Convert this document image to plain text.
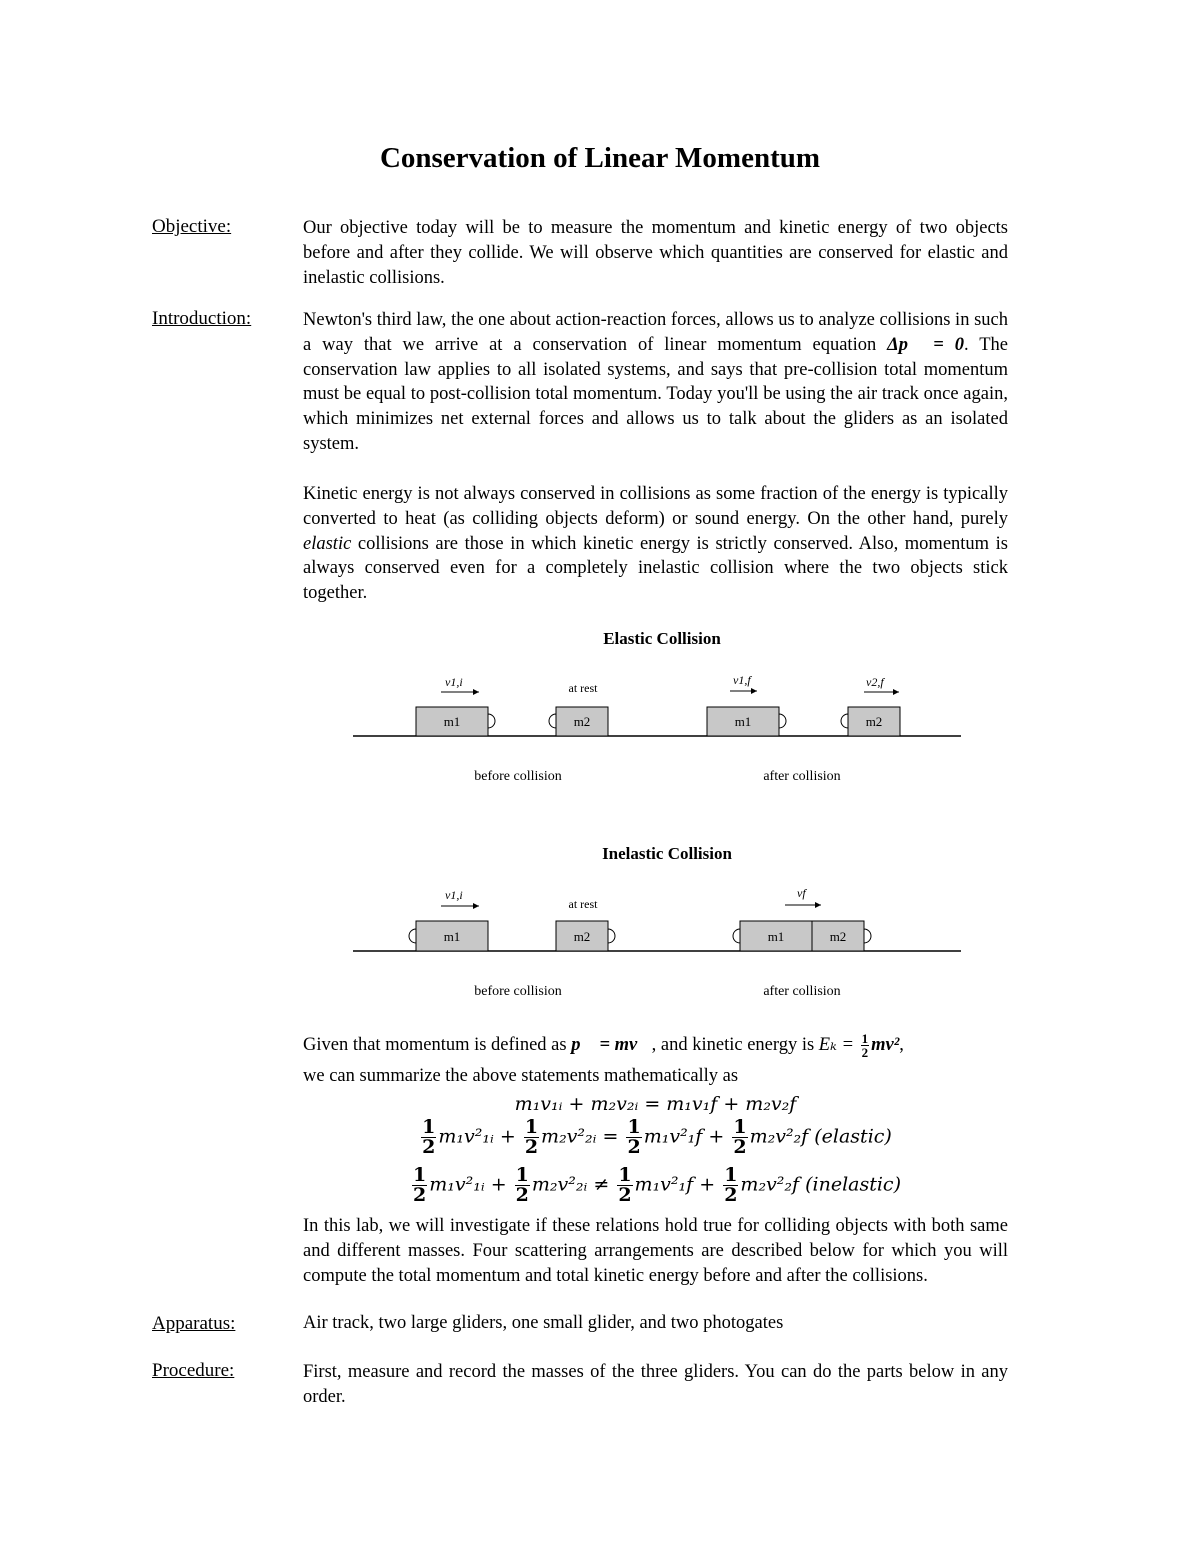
Conservation of Linear Momentum
Objective:	Our objective today will be to measure the momentum and kinetic energy of two objects before and after they collide. We will observe which quantities are conserved for elastic and inelastic collisions.
Introduction:	Newton's third law, the one about action-reaction forces, allows us to analyze collisions in such a way that we arrive at a conservation of linear momentum equation Δp⃗ = 0. The conservation law applies to all isolated systems, and says that pre-collision total momentum must be equal to post-collision total momentum. Today you'll be using the air track once again, which minimizes net external forces and allows us to talk about the gliders as an isolated system.
Kinetic energy is not always conserved in collisions as some fraction of the energy is typically converted to heat (as colliding objects deform) or sound energy. On the other hand, purely elastic collisions are those in which kinetic energy is strictly conserved. Also, momentum is always conserved even for a completely inelastic collision where the two objects stick together.
Elastic Collision
v1,i
m1
at rest
m2
before collision
v1,f
m1
v2,f
m2
after collision
Inelastic Collision
v1,i
m1
at rest
m2
before collision
vf
m1	m2
after collision
Given that momentum is defined as p⃗ = mv⃗, and kinetic energy is $E_k = \frac{1}{2} mv^2$,
we can summarize the above statements mathematically as
m₁v₁ᵢ + m₂v₂ᵢ = m₁v₁f + m₂v₂f
$\frac{1}{2}$ m₁v²₁ᵢ + $\frac{1}{2}$ m₂v²₂ᵢ = $\frac{1}{2} m_1v^2_1f + \frac{1}{2} m_2v^2_2f$ (elastic)
$\frac{1}{2}$ m₁v²₁ᵢ + $\frac{1}{2}$ m₂v²₂ᵢ ≠ $\frac{1}{2} m_1v^2_1f + \frac{1}{2} m_2v^2_2f$ (inelastic)
In this lab, we will investigate if these relations hold true for colliding objects with both same and different masses. Four scattering arrangements are described below for which you will compute the total momentum and total kinetic energy before and after the collisions.
Apparatus:	Air track, two large gliders, one small glider, and two photogates
Procedure:	First, measure and record the masses of the three gliders. You can do the parts below in any order.
